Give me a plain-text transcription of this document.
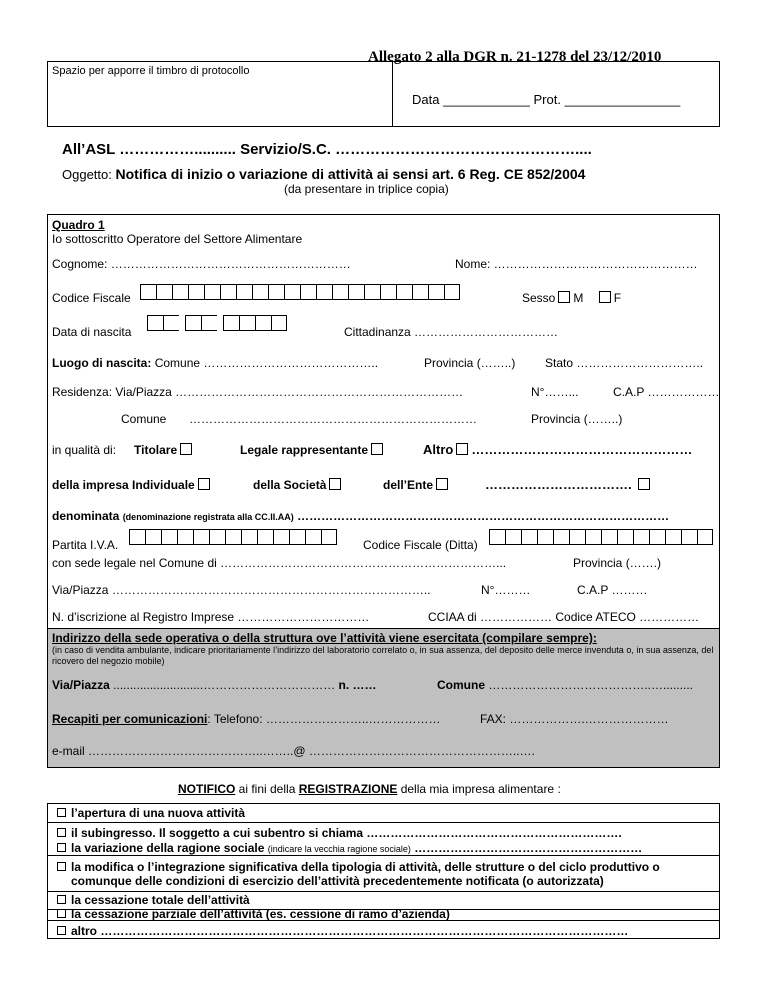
Allegato 2 alla DGR n. 21-1278 del 23/12/2010
Spazio per apporre il timbro di protocollo
Data ____________ Prot. ________________
All’ASL …………….......... Servizio/S.C. …………………………………………....
Oggetto: Notifica di inizio o variazione di attività ai sensi art. 6 Reg. CE 852/2004
(da presentare in triplice copia)
Quadro 1
Io sottoscritto Operatore del Settore Alimentare
Cognome: ……………………………………………………	Nome: ……………………………………………
Codice Fiscale	Sesso M	F
Data di nascita	Cittadinanza ………………………………
Luogo di nascita: Comune ……………………………………..	Provincia (……..) Stato …………………………..
Residenza: Via/Piazza ………………………………………………………………	N°……...	C.A.P ………………
Comune ………………………………………………………………	Provincia (……..)
in qualità di: Titolare	Legale rappresentante	Altro ……………………………………………
della impresa Individuale	della Società	dell’Ente	…………………………….
denominata (denominazione registrata alla CC.II.AA) …………………………………………………………………………………
Partita I.V.A.	Codice Fiscale (Ditta)
con sede legale nel Comune di ……………………………………………………………...	Provincia (…….)
Via/Piazza ……………………………………………………………………..	N°………	C.A.P ………
N. d’iscrizione al Registro Imprese ……………………………	CCIAA di ……………… Codice ATECO ……………
Indirizzo della sede operativa o della struttura ove l’attività viene esercitata (compilare sempre):
(in caso di vendita ambulante, indicare prioritariamente l’indirizzo del laboratorio correlato o, in sua assenza, del deposito delle merce invenduta o, in sua assenza, del ricovero del negozio mobile)
Via/Piazza ...........................…………………………… n. ……	Comune …………………………………..….........
Recapiti per comunicazioni: Telefono: ……………………..………………	FAX: ……………….…………………
e-mail ……………………………………..……..@ ……………………………………………..….
NOTIFICO ai fini della REGISTRAZIONE della mia impresa alimentare :
l’apertura di una nuova attività
il subingresso. Il soggetto a cui subentro si chiama ……………………………………………………….
la variazione della ragione sociale (indicare la vecchia ragione sociale) …………………………………………………
la modifica o l’integrazione significativa della tipologia di attività, delle strutture o del ciclo produttivo o
comunque delle condizioni di esercizio dell’attività precedentemente notificata (o autorizzata)
la cessazione totale dell’attività
la cessazione parziale dell’attività (es. cessione di ramo d’azienda)
altro ……………………………………………………………………………………………………………………
